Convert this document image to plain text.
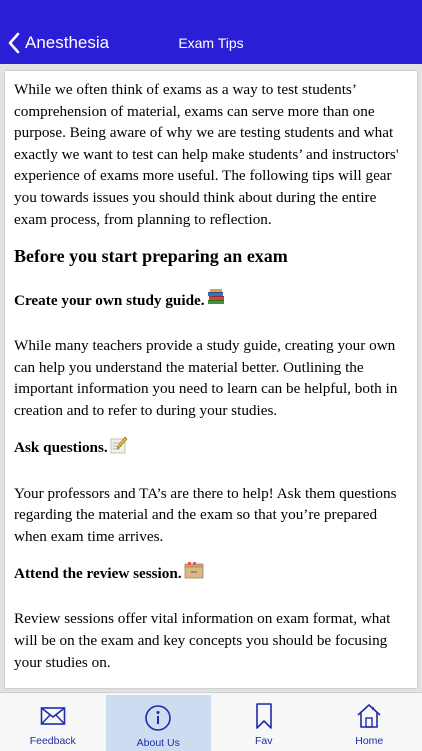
Anesthesia	Exam Tips

While we often think of exams as a way to test students’ comprehension of material, exams can serve more than one purpose. Being aware of why we are testing students and what exactly we want to test can help make students’ and instructors' experience of exams more useful. The following tips will gear you towards issues you should think about during the entire exam process, from planning to reflection.

Before you start preparing an exam
Create your own study guide.

While many teachers provide a study guide, creating your own can help you understand the material better. Outlining the important information you need to learn can be helpful, both in creation and to refer to during your studies.

Ask questions.

Your professors and TA’s are there to help! Ask them questions regarding the material and the exam so that you’re prepared when exam time arrives.

Attend the review session.

Review sessions offer vital information on exam format, what will be on the exam and key concepts you should be focusing your studies on.

Feedback	About Us	Fav	Home
